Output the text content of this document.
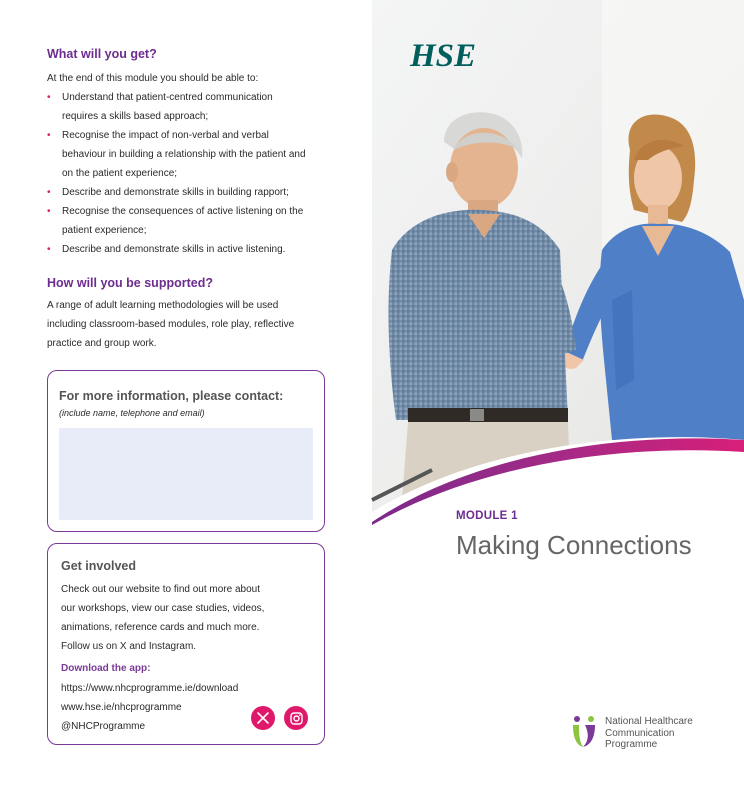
What will you get?
At the end of this module you should be able to:
• Understand that patient-centred communication
requires a skills based approach;
• Recognise the impact of non-verbal and verbal
behaviour in building a relationship with the patient and
on the patient experience;
• Describe and demonstrate skills in building rapport;
• Recognise the consequences of active listening on the
patient experience;
• Describe and demonstrate skills in active listening.
How will you be supported?
A range of adult learning methodologies will be used
including classroom-based modules, role play, reflective
practice and group work.
For more information, please contact:
(include name, telephone and email)
Get involved
Check out our website to find out more about
our workshops, view our case studies, videos,
animations, reference cards and much more.
Follow us on X and Instagram.
Download the app:
https://www.nhcprogramme.ie/download
www.hse.ie/nhcprogramme
@NHCProgramme
HSE
MODULE 1
Making Connections
National Healthcare
Communication
Programme
